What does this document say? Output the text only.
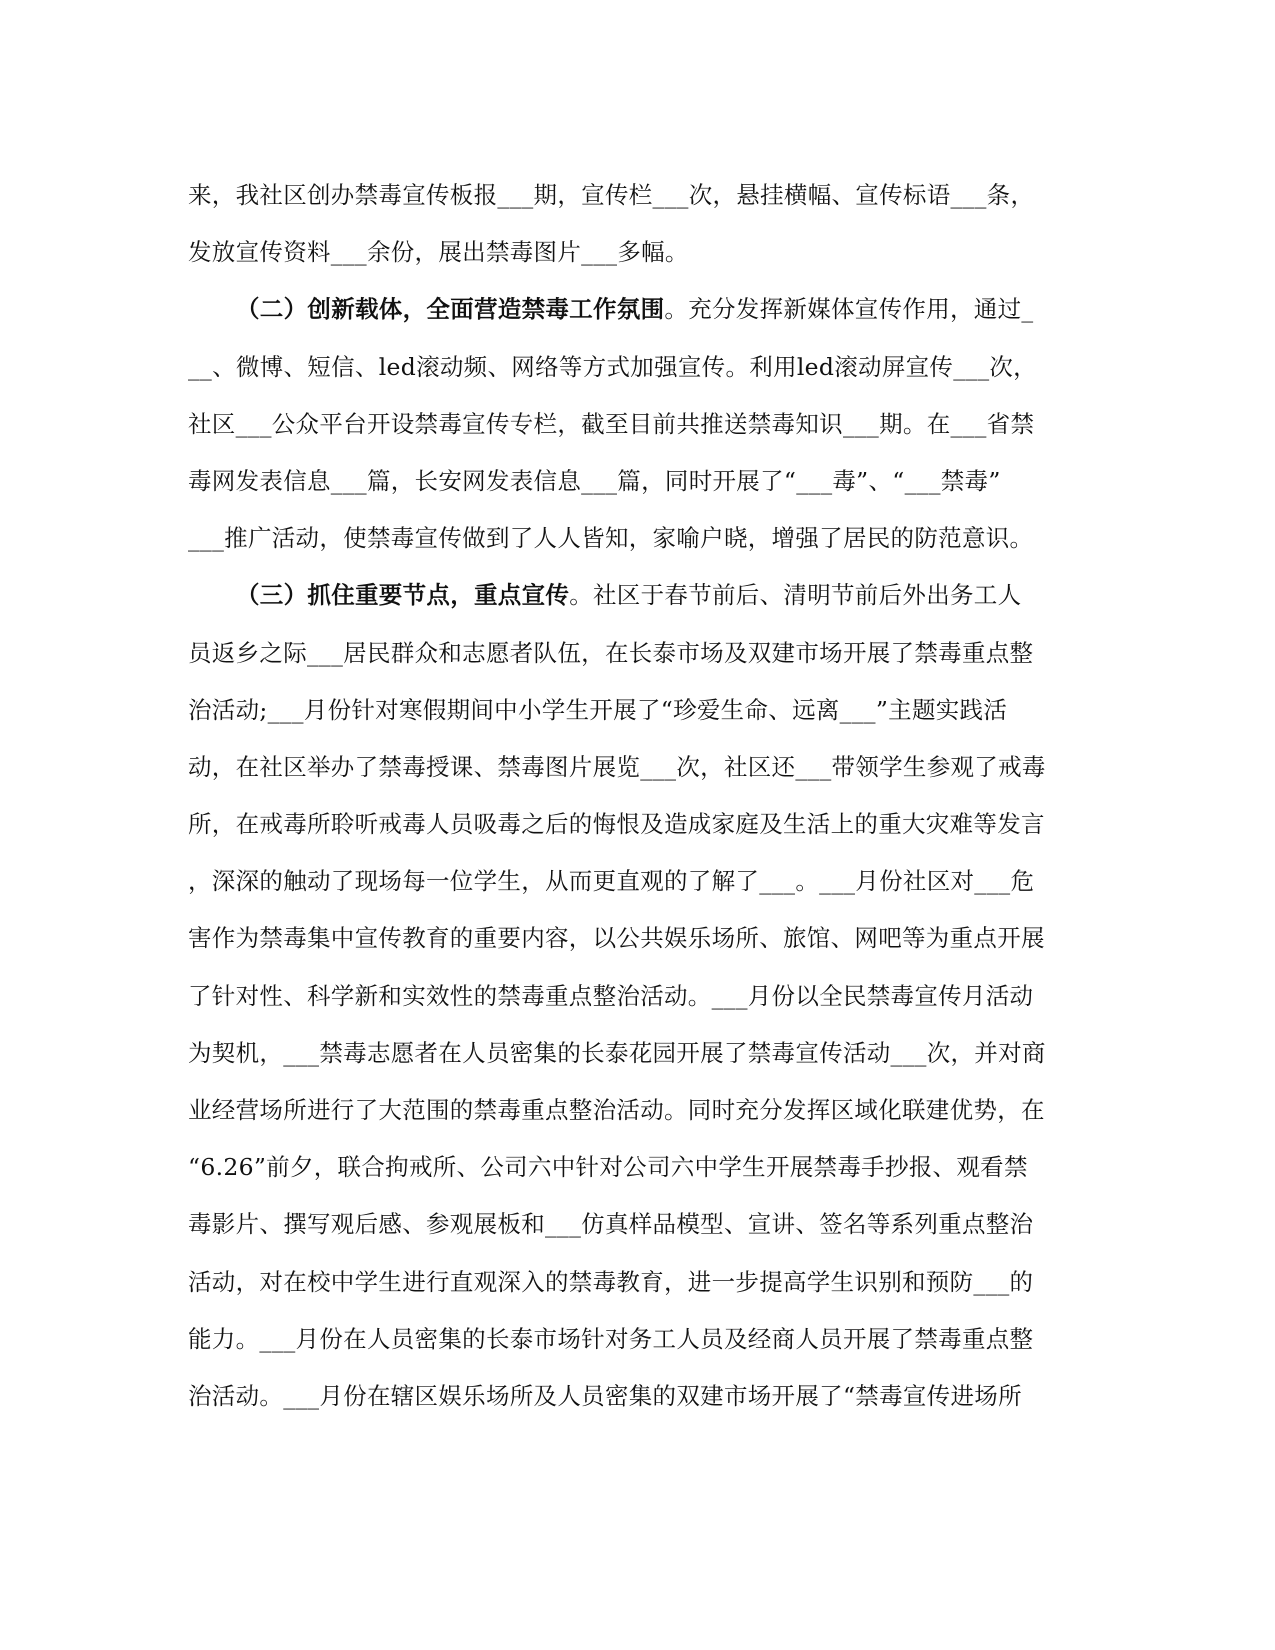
来，我社区创办禁毒宣传板报___期，宣传栏___次，悬挂横幅、宣传标语___条，
发放宣传资料___余份，展出禁毒图片___多幅。
（二）创新载体，全面营造禁毒工作氛围。充分发挥新媒体宣传作用，通过_
__、微博、短信、led滚动频、网络等方式加强宣传。利用led滚动屏宣传___次，
社区___公众平台开设禁毒宣传专栏，截至目前共推送禁毒知识___期。在___省禁
毒网发表信息___篇，长安网发表信息___篇，同时开展了“___毒”、“___禁毒”
___推广活动，使禁毒宣传做到了人人皆知，家喻户晓，增强了居民的防范意识。
（三）抓住重要节点，重点宣传。社区于春节前后、清明节前后外出务工人
员返乡之际___居民群众和志愿者队伍，在长泰市场及双建市场开展了禁毒重点整
治活动;___月份针对寒假期间中小学生开展了“珍爱生命、远离___”主题实践活
动，在社区举办了禁毒授课、禁毒图片展览___次，社区还___带领学生参观了戒毒
所，在戒毒所聆听戒毒人员吸毒之后的悔恨及造成家庭及生活上的重大灾难等发言
，深深的触动了现场每一位学生，从而更直观的了解了___。___月份社区对___危
害作为禁毒集中宣传教育的重要内容，以公共娱乐场所、旅馆、网吧等为重点开展
了针对性、科学新和实效性的禁毒重点整治活动。___月份以全民禁毒宣传月活动
为契机，___禁毒志愿者在人员密集的长泰花园开展了禁毒宣传活动___次，并对商
业经营场所进行了大范围的禁毒重点整治活动。同时充分发挥区域化联建优势，在
“6.26”前夕，联合拘戒所、公司六中针对公司六中学生开展禁毒手抄报、观看禁
毒影片、撰写观后感、参观展板和___仿真样品模型、宣讲、签名等系列重点整治
活动，对在校中学生进行直观深入的禁毒教育，进一步提高学生识别和预防___的
能力。___月份在人员密集的长泰市场针对务工人员及经商人员开展了禁毒重点整
治活动。___月份在辖区娱乐场所及人员密集的双建市场开展了“禁毒宣传进场所
